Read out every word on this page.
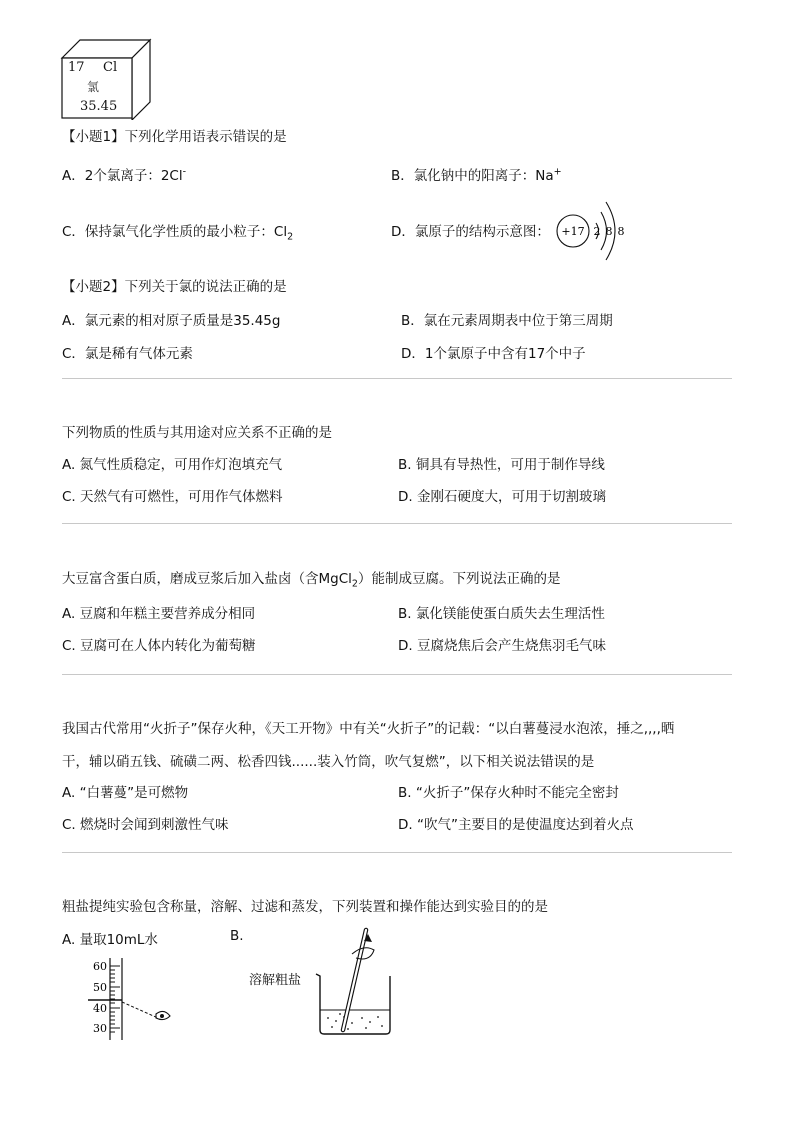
17 Cl
氯
35.45
【小题1】下列化学用语表示错误的是
A．2个氯离子：2Cl-	B．氯化钠中的阳离子：Na+
C．保持氯气化学性质的最小粒子：$Cl_2$	D．氯原子的结构示意图： +17 2 8 8
【小题2】下列关于氯的说法正确的是
A．氯元素的相对原子质量是35.45g	B．氯在元素周期表中位于第三周期
C．氯是稀有气体元素	D．1个氯原子中含有17个中子
下列物质的性质与其用途对应关系不正确的是
A. 氮气性质稳定，可用作灯泡填充气	B. 铜具有导热性，可用于制作导线
C. 天然气有可燃性，可用作气体燃料	D. 金刚石硬度大，可用于切割玻璃
大豆富含蛋白质，磨成豆浆后加入盐卤（含MgCl$_2$）能制成豆腐。下列说法正确的是
A. 豆腐和年糕主要营养成分相同	B. 氯化镁能使蛋白质失去生理活性
C. 豆腐可在人体内转化为葡萄糖	D. 豆腐烧焦后会产生烧焦羽毛气味
我国古代常用“火折子”保存火种，《天工开物》中有关“火折子”的记载：“以白薯蔓浸水泡浓，捶之,,,,晒
干，辅以硝五钱、硫磺二两、松香四钱......装入竹筒，吹气复燃”，以下相关说法错误的是
A. “白薯蔓”是可燃物	B. “火折子”保存火种时不能完全密封
C. 燃烧时会闻到刺激性气味	D. “吹气”主要目的是使温度达到着火点
粗盐提纯实验包含称量，溶解、过滤和蒸发，下列装置和操作能达到实验目的的是
A. 量取10mL水	B.
60
50
40
30
溶解粗盐
